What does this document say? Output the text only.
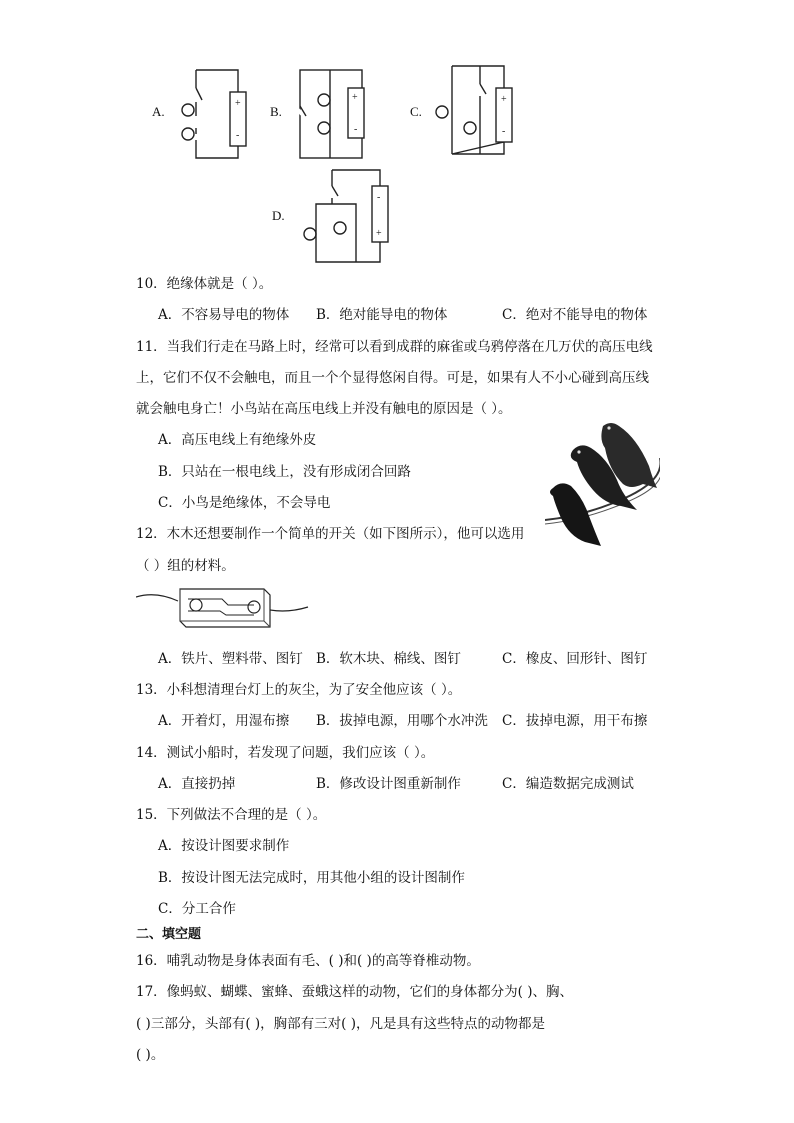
A.
+
-
B.
+
-
C.
+
-
D.
-
+
10．绝缘体就是（ ）。
A．不容易导电的物体 B．绝对能导电的物体	C．绝对不能导电的物体
11．当我们行走在马路上时，经常可以看到成群的麻雀或乌鸦停落在几万伏的高压电线
上，它们不仅不会触电，而且一个个显得悠闲自得。可是，如果有人不小心碰到高压线
就会触电身亡！小鸟站在高压电线上并没有触电的原因是（ ）。
A．高压电线上有绝缘外皮
B．只站在一根电线上，没有形成闭合回路
C．小鸟是绝缘体，不会导电
12．木木还想要制作一个简单的开关（如下图所示），他可以选用
（ ）组的材料。
A．铁片、塑料带、图钉 B．软木块、棉线、图钉	C．橡皮、回形针、图钉
13．小科想清理台灯上的灰尘，为了安全他应该（ ）。
A．开着灯，用湿布擦 B．拔掉电源，用哪个水冲洗 C．拔掉电源，用干布擦
14．测试小船时，若发现了问题，我们应该（ ）。
A．直接扔掉	B．修改设计图重新制作	C．编造数据完成测试
15．下列做法不合理的是（ ）。
A．按设计图要求制作
B．按设计图无法完成时，用其他小组的设计图制作
C．分工合作
二、填空题
16．哺乳动物是身体表面有毛、( )和( )的高等脊椎动物。
17．像蚂蚁、蝴蝶、蜜蜂、蚕蛾这样的动物，它们的身体都分为( )、胸、
( )三部分，头部有( )，胸部有三对( )，凡是具有这些特点的动物都是
( )。
